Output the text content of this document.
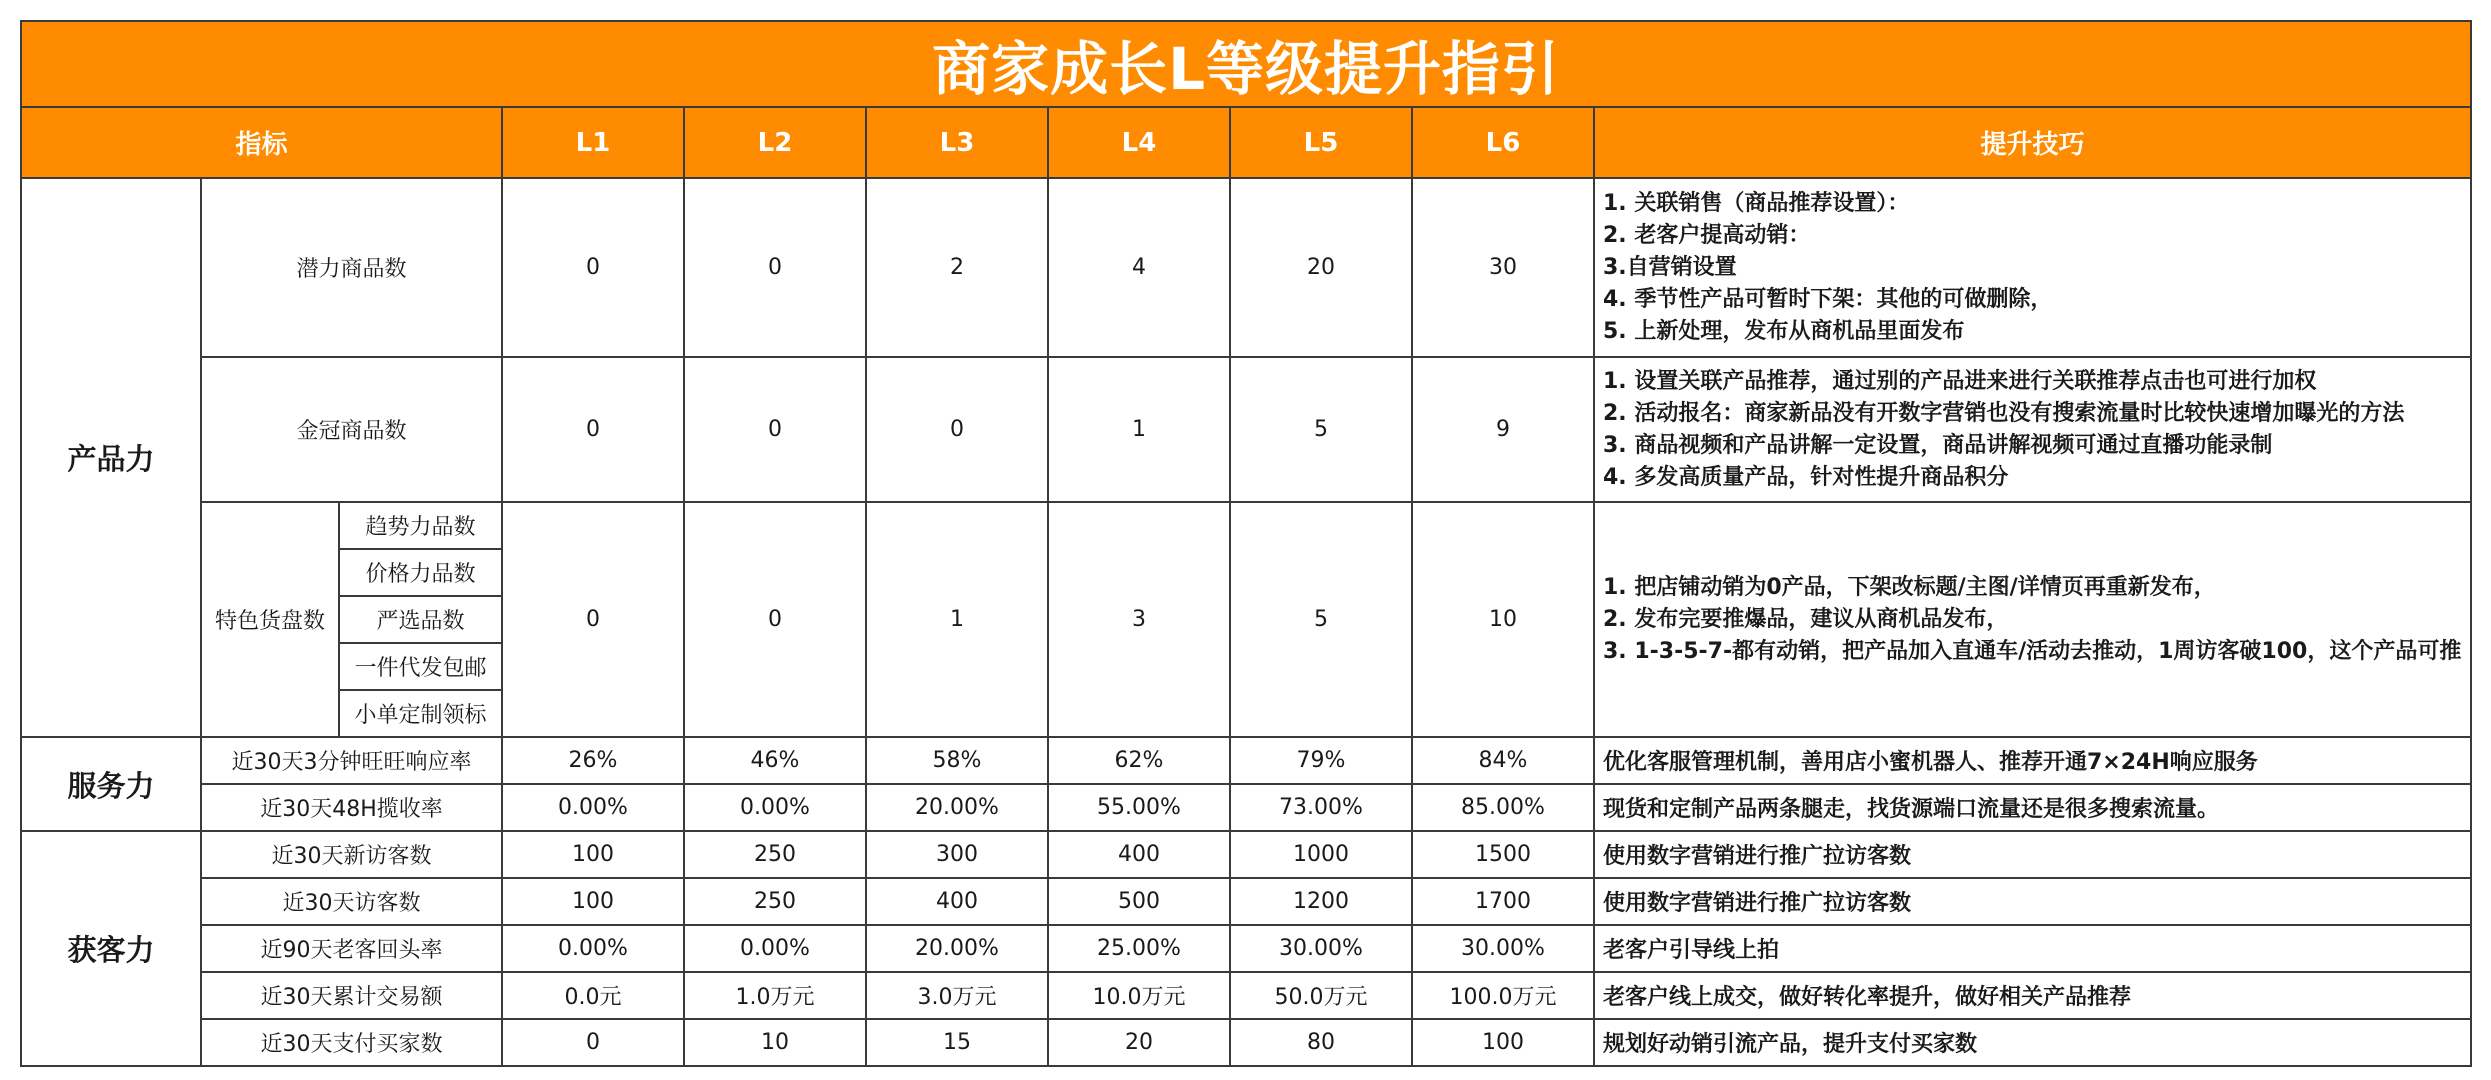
商家成长L等级提升指引									
指标			L1	L2	L3	L4	L5	L6	提升技巧
产品力	潜力商品数		0	0	2	4	20	30	1. 关联销售（商品推荐设置）：
2. 老客户提高动销：
3.自营销设置
4. 季节性产品可暂时下架：其他的可做删除，
5. 上新处理，发布从商机品里面发布

	金冠商品数		0	0	0	1	5	9	1. 设置关联产品推荐，通过别的产品进来进行关联推荐点击也可进行加权
2. 活动报名：商家新品没有开数字营销也没有搜索流量时比较快速增加曝光的方法
3. 商品视频和产品讲解一定设置，商品讲解视频可通过直播功能录制
4. 多发高质量产品，针对性提升商品积分

	特色货盘数	趋势力品数	0	0	1	3	5	10	1. 把店铺动销为0产品，下架改标题/主图/详情页再重新发布，
2. 发布完要推爆品，建议从商机品发布，
3. 1-3-5-7-都有动销，把产品加入直通车/活动去推动，1周访客破100，这个产品可推

		价格力品数							
		严选品数							
		一件代发包邮							
		小单定制领标							
服务力	近30天3分钟旺旺响应率		26%	46%	58%	62%	79%	84%	优化客服管理机制，善用店小蜜机器人、推荐开通7×24H响应服务
	近30天48H揽收率		0.00%	0.00%	20.00%	55.00%	73.00%	85.00%	现货和定制产品两条腿走，找货源端口流量还是很多搜索流量。
获客力	近30天新访客数		100	250	300	400	1000	1500	使用数字营销进行推广拉访客数
	近30天访客数		100	250	400	500	1200	1700	使用数字营销进行推广拉访客数
	近90天老客回头率		0.00%	0.00%	20.00%	25.00%	30.00%	30.00%	老客户引导线上拍
	近30天累计交易额		0.0元	1.0万元	3.0万元	10.0万元	50.0万元	100.0万元	老客户线上成交，做好转化率提升，做好相关产品推荐
	近30天支付买家数		0	10	15	20	80	100	规划好动销引流产品，提升支付买家数
